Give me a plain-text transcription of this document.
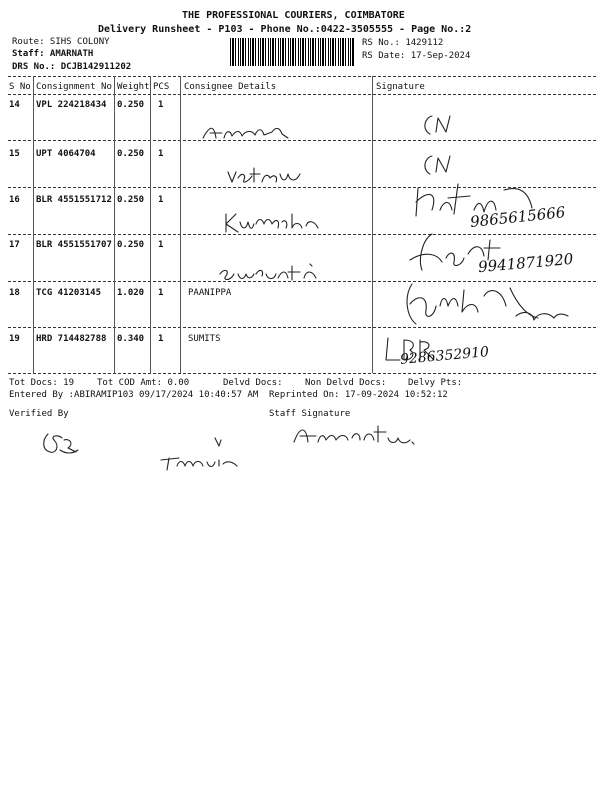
THE PROFESSIONAL COURIERS, COIMBATORE
Delivery Runsheet - P103 - Phone No.:0422-3505555 - Page No.:2
Route: SIHS COLONY
Staff: AMARNATH
DRS No.: DCJB142911202
RS No.: 1429112
RS Date: 17-Sep-2024
S No Consignment No Weight PCS Consignee Details	Signature
14 VPL 224218434 0.250 1
15 UPT 4064704 0.250 1
16 BLR 4551551712 0.250 1
17 BLR 4551551707 0.250 1
18 TCG 41203145 1.020 1	PAANIPPA
19 HRD 714482788 0.340 1	SUMITS
9865615666
9941871920
9286352910
Tot Docs: 19	Tot COD Amt: 0.00	Delvd Docs: Non Delvd Docs: Delvy Pts:
Entered By :ABIRAMIP103 09/17/2024 10:40:57 AM Reprinted On: 17-09-2024 10:52:12
Verified By	Staff Signature
